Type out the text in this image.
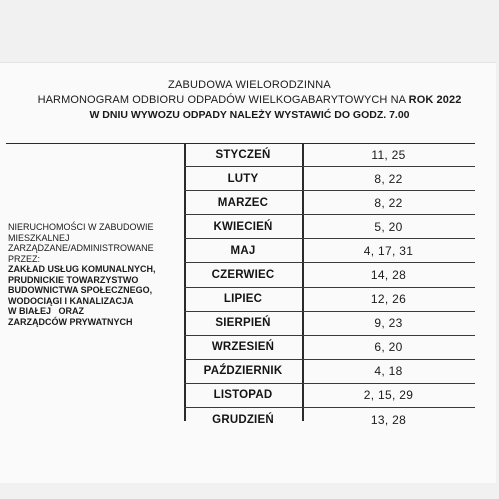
ZABUDOWA WIELORODZINNA
HARMONOGRAM ODBIORU ODPADÓW WIELKOGABARYTOWYCH NA ROK 2022
W DNIU WYWOZU ODPADY NALEŻY WYSTAWIĆ DO GODZ. 7.00
NIERUCHOMOŚCI W ZABUDOWIE
MIESZKALNEJ
ZARZĄDZANE/ADMINISTROWANE
PRZEZ:
ZAKŁAD USŁUG KOMUNALNYCH,
PRUDNICKIE TOWARZYSTWO
BUDOWNICTWA SPOŁECZNEGO,
WODOCIĄGI I KANALIZACJA
W BIAŁEJ   ORAZ
ZARZĄDCÓW PRYWATNYCH
STYCZEŃ	11, 25
LUTY	8, 22
MARZEC	8, 22
KWIECIEŃ	5, 20
MAJ	4, 17, 31
CZERWIEC	14, 28
LIPIEC	12, 26
SIERPIEŃ	9, 23
WRZESIEŃ	6, 20
PAŹDZIERNIK	4, 18
LISTOPAD	2, 15, 29
GRUDZIEŃ	13, 28
